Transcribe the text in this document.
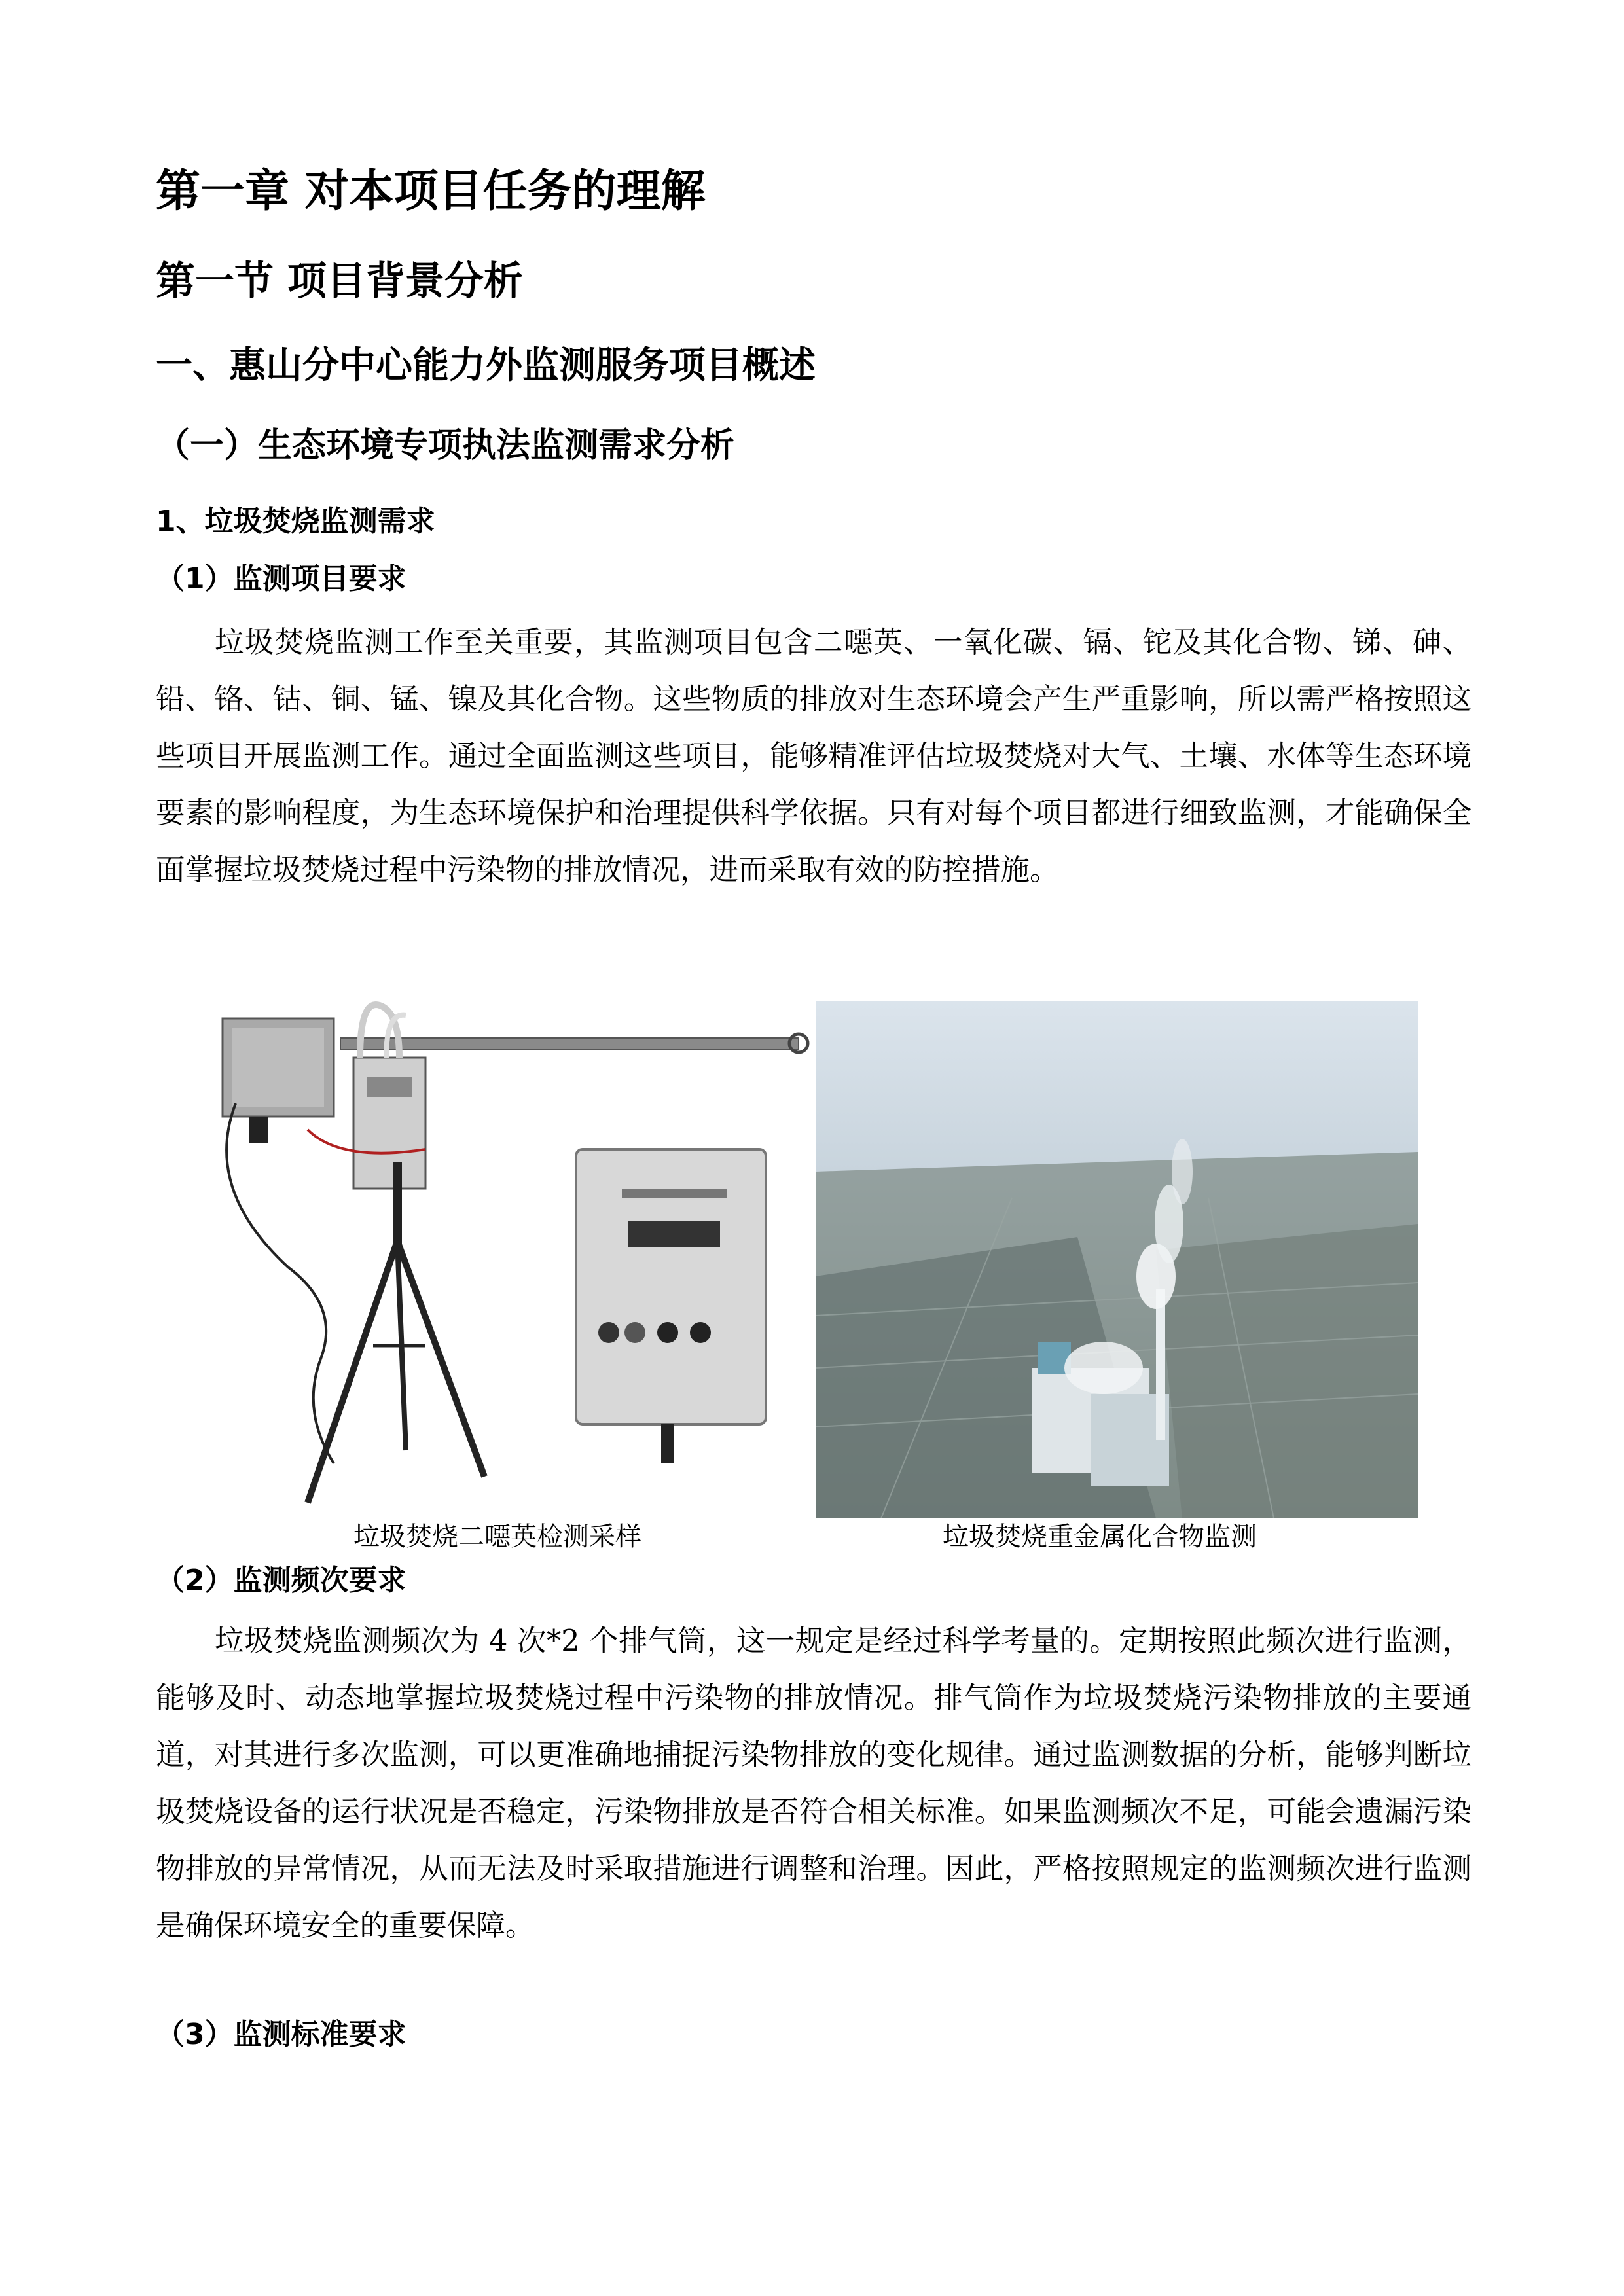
第一章 对本项目任务的理解
第一节 项目背景分析
一、惠山分中心能力外监测服务项目概述
（一）生态环境专项执法监测需求分析
1、垃圾焚烧监测需求
（1）监测项目要求
垃圾焚烧监测工作至关重要，其监测项目包含二噁英、一氧化碳、镉、铊及其化合物、锑、砷、铅、铬、钴、铜、锰、镍及其化合物。这些物质的排放对生态环境会产生严重影响，所以需严格按照这些项目开展监测工作。通过全面监测这些项目，能够精准评估垃圾焚烧对大气、土壤、水体等生态环境要素的影响程度，为生态环境保护和治理提供科学依据。只有对每个项目都进行细致监测，才能确保全面掌握垃圾焚烧过程中污染物的排放情况，进而采取有效的防控措施。
垃圾焚烧二噁英检测采样	垃圾焚烧重金属化合物监测
（2）监测频次要求
垃圾焚烧监测频次为 4 次*2 个排气筒，这一规定是经过科学考量的。定期按照此频次进行监测，能够及时、动态地掌握垃圾焚烧过程中污染物的排放情况。排气筒作为垃圾焚烧污染物排放的主要通道，对其进行多次监测，可以更准确地捕捉污染物排放的变化规律。通过监测数据的分析，能够判断垃圾焚烧设备的运行状况是否稳定，污染物排放是否符合相关标准。如果监测频次不足，可能会遗漏污染物排放的异常情况，从而无法及时采取措施进行调整和治理。因此，严格按照规定的监测频次进行监测是确保环境安全的重要保障。
（3）监测标准要求
